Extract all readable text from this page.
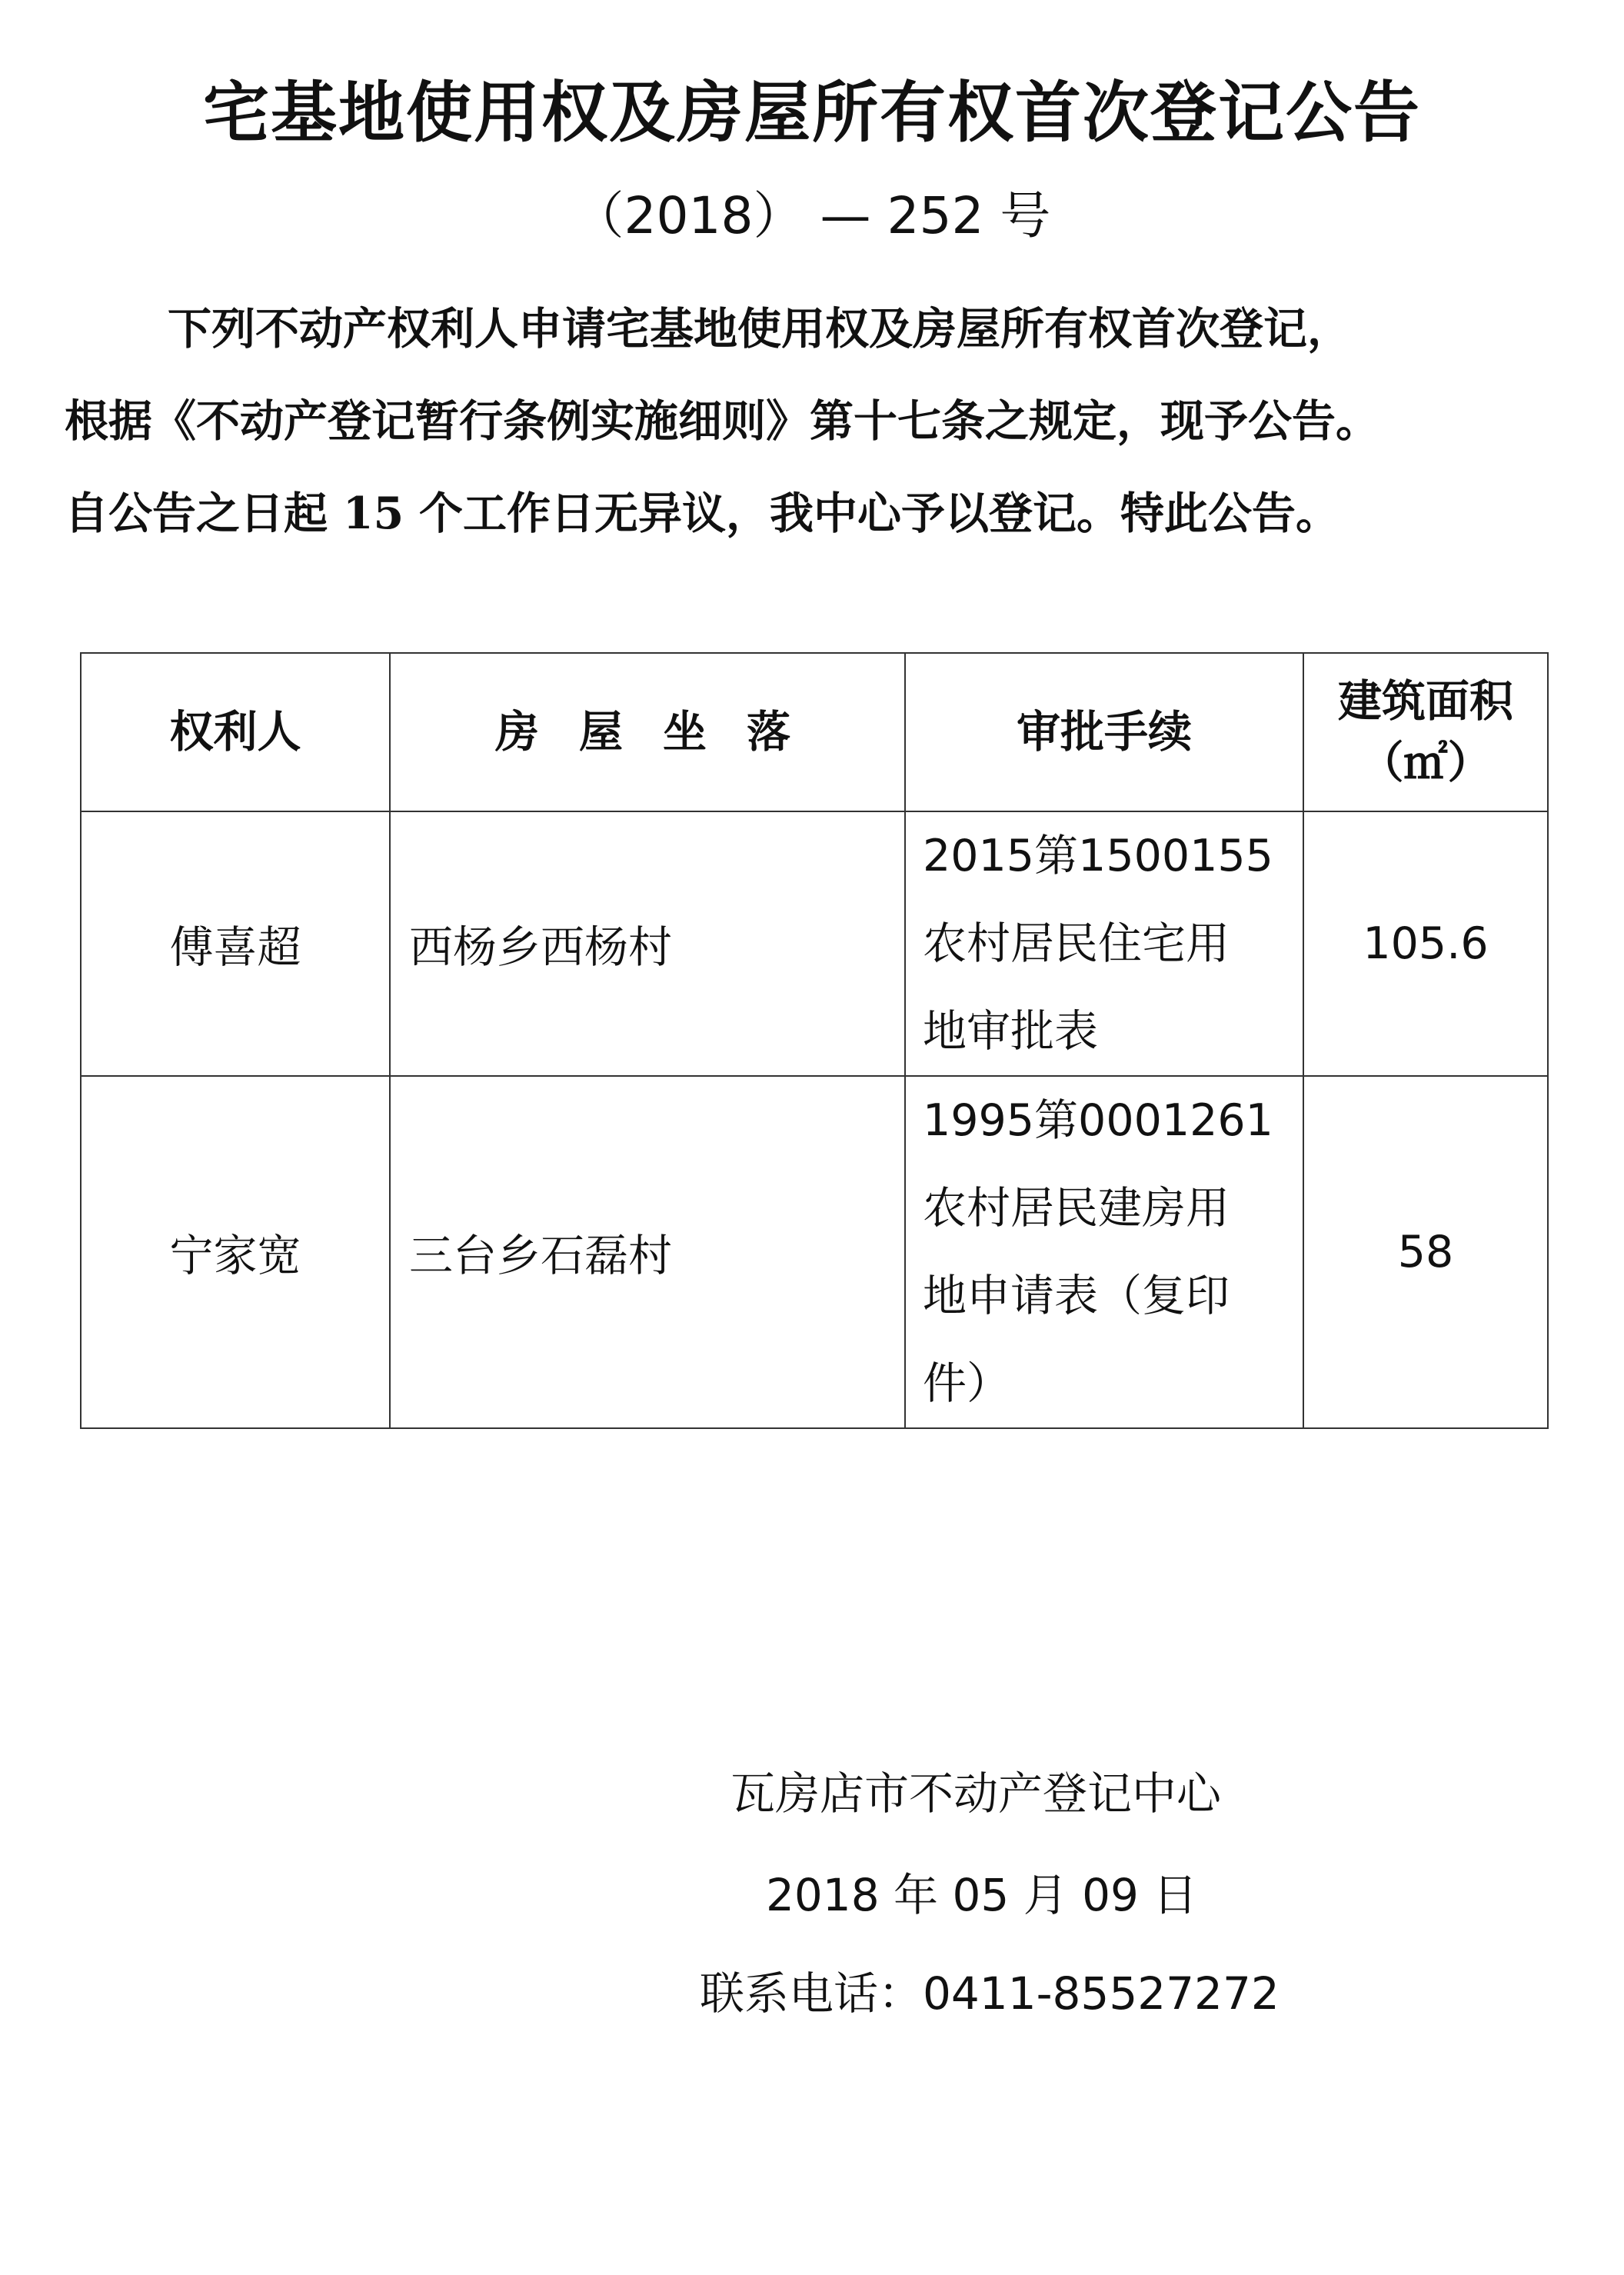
宅基地使用权及房屋所有权首次登记公告
（2018） — 252 号
下列不动产权利人申请宅基地使用权及房屋所有权首次登记，
根据《不动产登记暂行条例实施细则》第十七条之规定，现予公告。
自公告之日起 15 个工作日无异议，我中心予以登记。特此公告。
权利人	房屋坐落	审批手续	建筑面积
（㎡）

傅喜超	西杨乡西杨村	2015第1500155
农村居民住宅用
地审批表	105.6
宁家宽	三台乡石磊村	1995第0001261
农村居民建房用
地申请表（复印
件）	58
瓦房店市不动产登记中心
2018 年 05 月 09 日
联系电话：0411-85527272
